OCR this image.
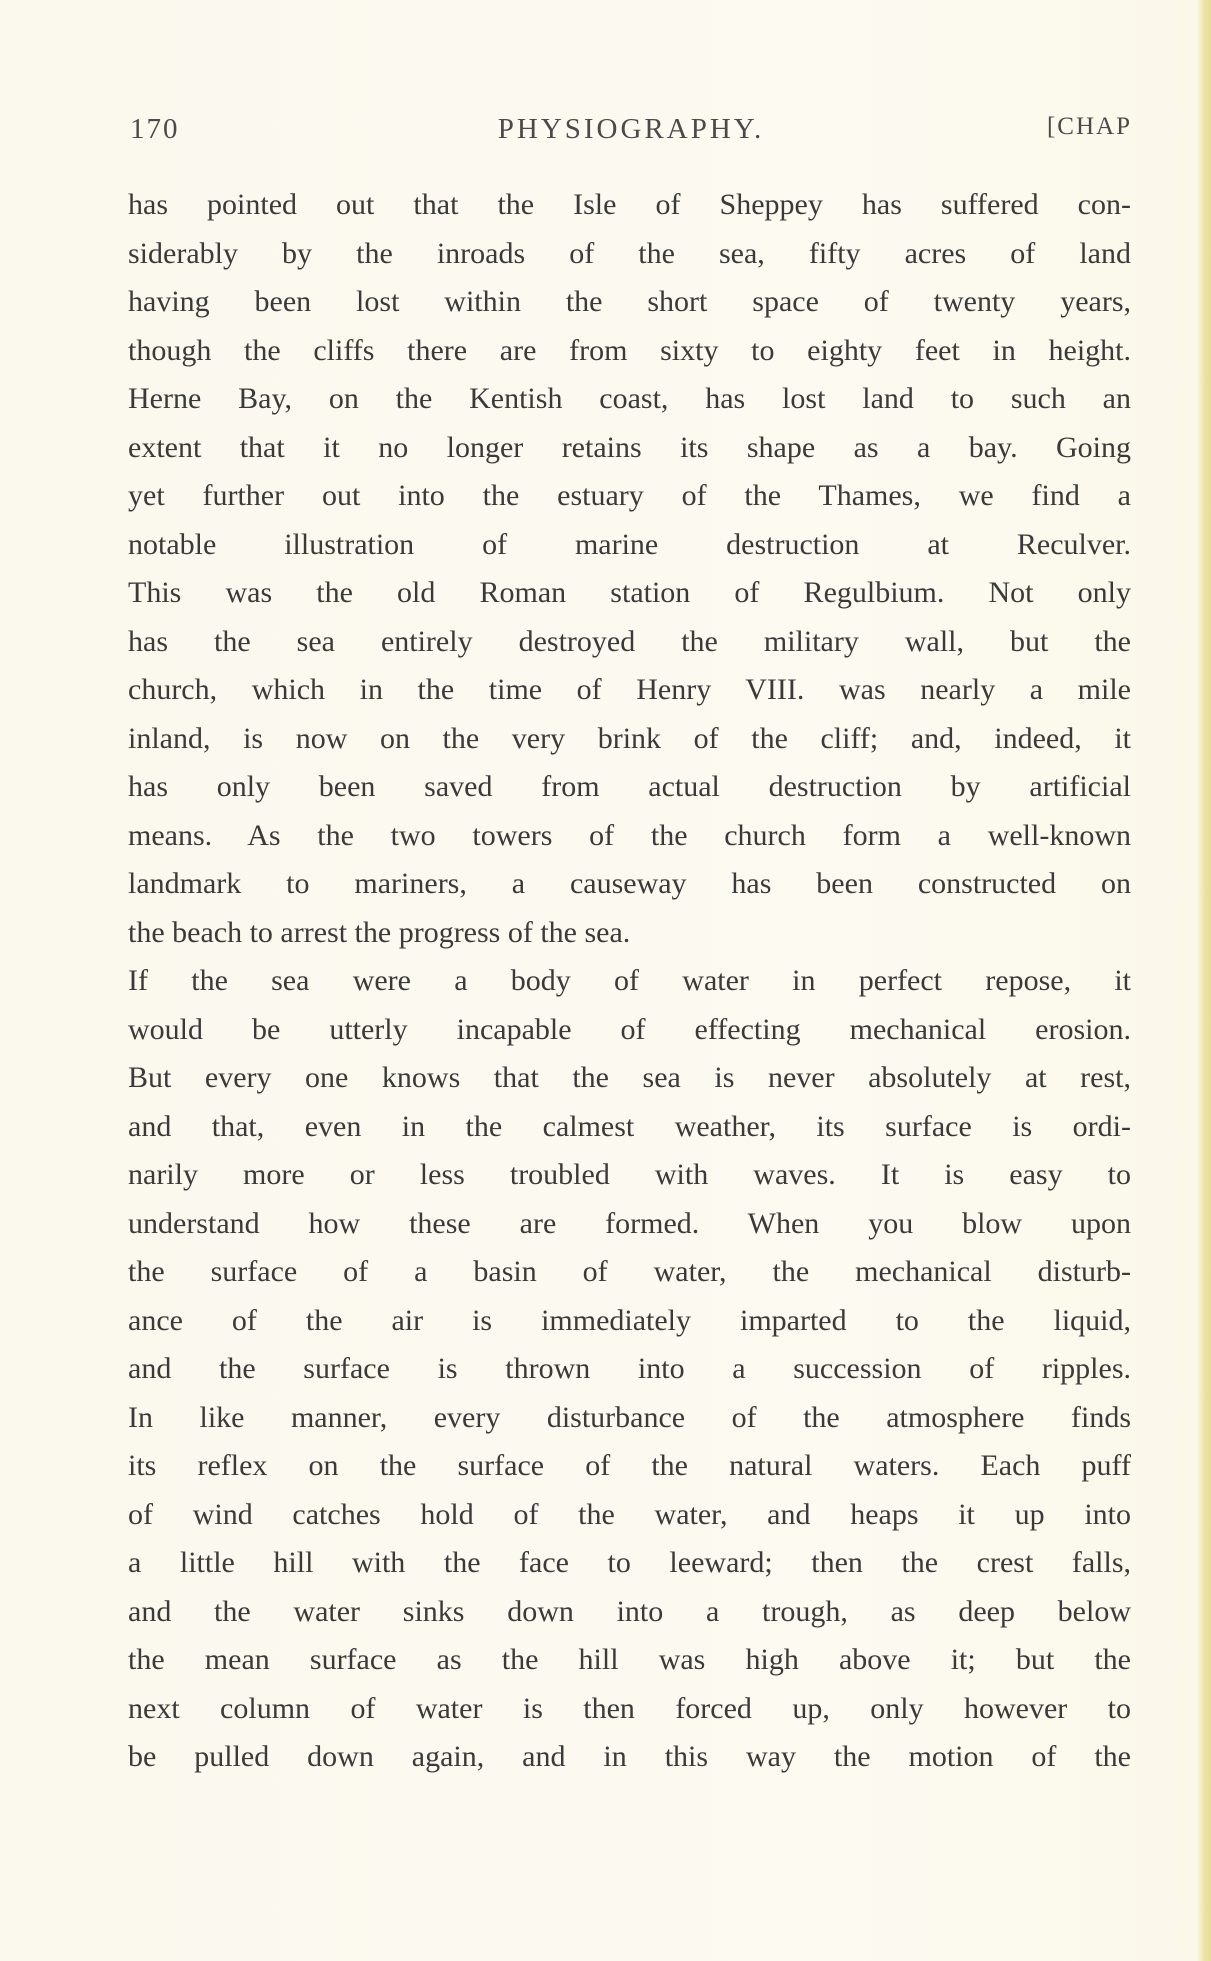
170	PHYSIOGRAPHY.	[CHAP
has pointed out that the Isle of Sheppey has suffered con-
siderably by the inroads of the sea, fifty acres of land
having been lost within the short space of twenty years,
though the cliffs there are from sixty to eighty feet in height.
Herne Bay, on the Kentish coast, has lost land to such an
extent that it no longer retains its shape as a bay. Going
yet further out into the estuary of the Thames, we find a
notable illustration of marine destruction at Reculver.
This was the old Roman station of Regulbium. Not only
has the sea entirely destroyed the military wall, but the
church, which in the time of Henry VIII. was nearly a mile
inland, is now on the very brink of the cliff; and, indeed, it
has only been saved from actual destruction by artificial
means. As the two towers of the church form a well-known
landmark to mariners, a causeway has been constructed on
the beach to arrest the progress of the sea.
If the sea were a body of water in perfect repose, it
would be utterly incapable of effecting mechanical erosion.
But every one knows that the sea is never absolutely at rest,
and that, even in the calmest weather, its surface is ordi-
narily more or less troubled with waves. It is easy to
understand how these are formed. When you blow upon
the surface of a basin of water, the mechanical disturb-
ance of the air is immediately imparted to the liquid,
and the surface is thrown into a succession of ripples.
In like manner, every disturbance of the atmosphere finds
its reflex on the surface of the natural waters. Each puff
of wind catches hold of the water, and heaps it up into
a little hill with the face to leeward; then the crest falls,
and the water sinks down into a trough, as deep below
the mean surface as the hill was high above it; but the
next column of water is then forced up, only however to
be pulled down again, and in this way the motion of the
